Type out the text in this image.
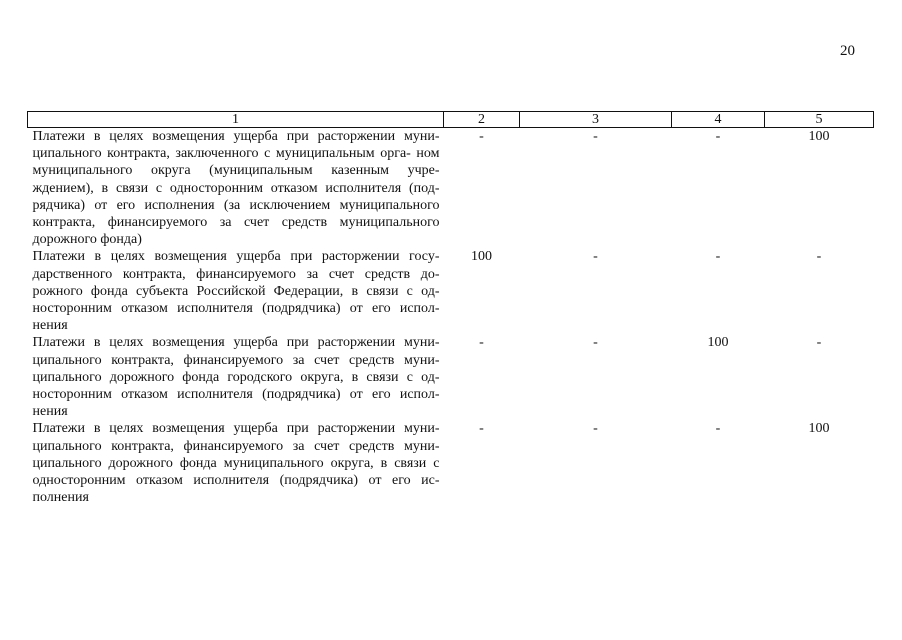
20
1	2	3	4	5
Платежи в целях возмещения ущерба при расторжении муни- ципального контракта, заключенного с муниципальным орга- ном муниципального округа (муниципальным казенным учре- ждением), в связи с односторонним отказом исполнителя (под- рядчика) от его исполнения (за исключением муниципального контракта, финансируемого за счет средств муниципального дорожного фонда)	-	-	-	100
Платежи в целях возмещения ущерба при расторжении госу- дарственного контракта, финансируемого за счет средств до- рожного фонда субъекта Российской Федерации, в связи с од- носторонним отказом исполнителя (подрядчика) от его испол- нения	100	-	-	-
Платежи в целях возмещения ущерба при расторжении муни- ципального контракта, финансируемого за счет средств муни- ципального дорожного фонда городского округа, в связи с од- носторонним отказом исполнителя (подрядчика) от его испол- нения	-	-	100	-
Платежи в целях возмещения ущерба при расторжении муни- ципального контракта, финансируемого за счет средств муни- ципального дорожного фонда муниципального округа, в связи с односторонним отказом исполнителя (подрядчика) от его ис- полнения	-	-	-	100
